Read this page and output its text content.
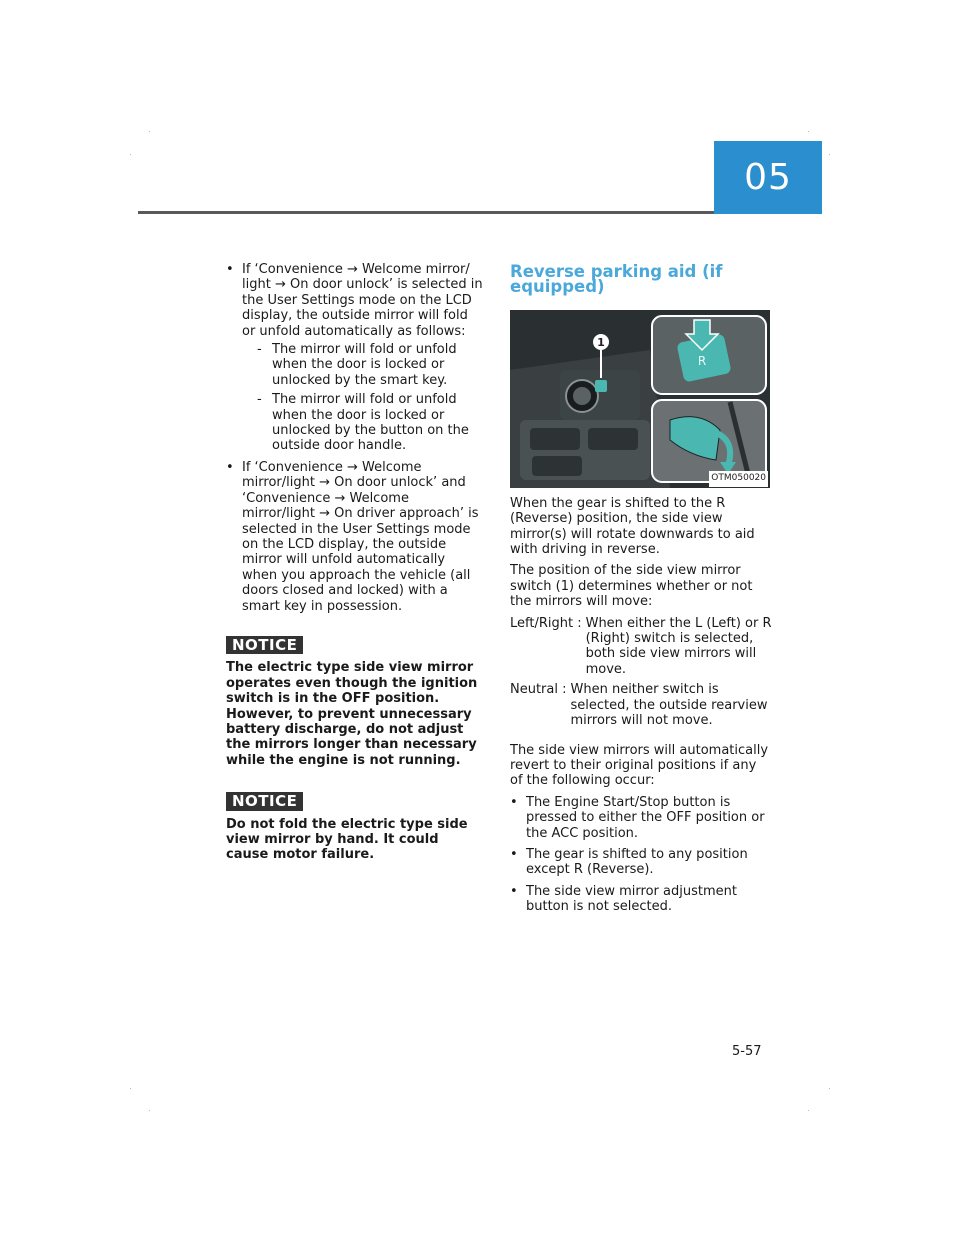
05
• If ‘Convenience → Welcome mirror/ light → On door unlock’ is selected in the User Settings mode on the LCD display, the outside mirror will fold or unfold automatically as follows:
- The mirror will fold or unfold when the door is locked or unlocked by the smart key.
- The mirror will fold or unfold when the door is locked or unlocked by the button on the outside door handle.
• If ‘Convenience → Welcome mirror/light → On door unlock’ and ‘Convenience → Welcome mirror/light → On driver approach’ is selected in the User Settings mode on the LCD display, the outside mirror will unfold automatically when you approach the vehicle (all doors closed and locked) with a smart key in possession.
NOTICE
The electric type side view mirror operates even though the ignition switch is in the OFF position. However, to prevent unnecessary battery discharge, do not adjust the mirrors longer than necessary while the engine is not running.
NOTICE
Do not fold the electric type side view mirror by hand. It could cause motor failure.
Reverse parking aid (if equipped)
1
R
OTM050020

When the gear is shifted to the R (Reverse) position, the side view mirror(s) will rotate downwards to aid with driving in reverse.

The position of the side view mirror switch (1) determines whether or not the mirrors will move:

Left/Right : When either the L (Left) or R (Right) switch is selected, both side view mirrors will move.
Neutral : When neither switch is selected, the outside rearview mirrors will not move.

The side view mirrors will automatically revert to their original positions if any of the following occur:

• The Engine Start/Stop button is pressed to either the OFF position or the ACC position.
• The gear is shifted to any position except R (Reverse).
• The side view mirror adjustment button is not selected.
5-57
